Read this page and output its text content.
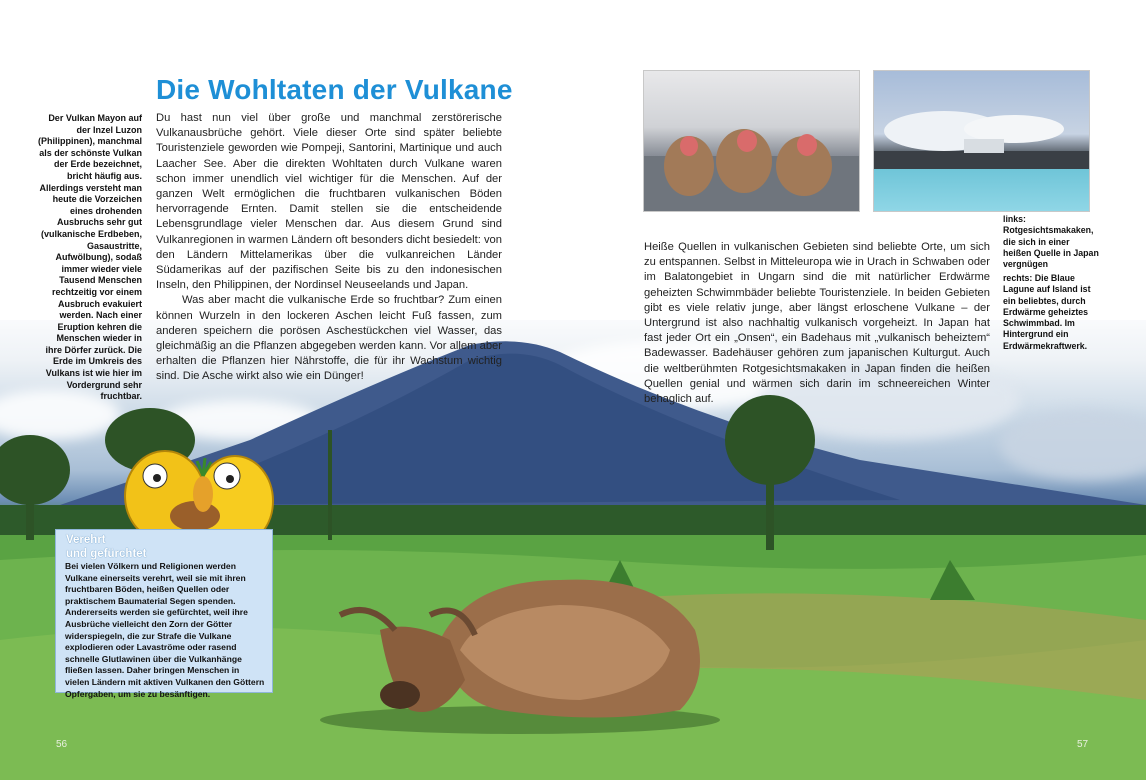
Die Wohltaten der Vulkane

Du hast nun viel über große und manchmal zerstörerische Vulkanausbrüche gehört. Viele dieser Orte sind später beliebte Touristenziele geworden wie Pompeji, Santorini, Martinique und auch Laacher See. Aber die direkten Wohltaten durch Vulkane waren schon immer unendlich viel wichtiger für die Menschen. Auf der ganzen Welt ermöglichen die fruchtbaren vulkanischen Böden hervorragende Ernten. Damit stellen sie die entscheidende Lebensgrundlage vieler Menschen dar. Aus diesem Grund sind Vulkanregionen in warmen Ländern oft besonders dicht besiedelt: von den Ländern Mittelamerikas über die vulkanreichen Länder Südamerikas auf der pazifischen Seite bis zu den indonesischen Inseln, den Philippinen, der Nordinsel Neuseelands und Japan.

Was aber macht die vulkanische Erde so fruchtbar? Zum einen können Wurzeln in den lockeren Aschen leicht Fuß fassen, zum anderen speichern die porösen Aschestückchen viel Wasser, das gleichmäßig an die Pflanzen abgegeben werden kann. Vor allem aber erhalten die Pflanzen hier Nährstoffe, die für ihr Wachstum wichtig sind. Die Asche wirkt also wie ein Dünger!

Der Vulkan Mayon auf der Inzel Luzon (Philippinen), manchmal als der schönste Vulkan der Erde bezeichnet, bricht häufig aus. Allerdings versteht man heute die Vorzeichen eines drohenden Ausbruchs sehr gut (vulkanische Erdbeben, Gasaustritte, Aufwölbung), sodaß immer wieder viele Tausend Menschen rechtzeitig vor einem Ausbruch evakuiert werden. Nach einer Eruption kehren die Menschen wieder in ihre Dörfer zurück. Die Erde im Umkreis des Vulkans ist wie hier im Vordergrund sehr fruchtbar.

links: Rotgesichtsmakaken, die sich in einer heißen Quelle in Japan vergnügen

rechts: Die Blaue Lagune auf Island ist ein beliebtes, durch Erdwärme geheiztes Schwimmbad. Im Hintergrund ein Erdwärmekraftwerk.

Heiße Quellen in vulkanischen Gebieten sind beliebte Orte, um sich zu entspannen. Selbst in Mitteleuropa wie in Urach in Schwaben oder im Balatongebiet in Ungarn sind die mit natürlicher Erdwärme geheizten Schwimmbäder beliebte Touristenziele. In beiden Gebieten gibt es viele relativ junge, aber längst erloschene Vulkane – der Untergrund ist also nachhaltig vulkanisch vorgeheizt. In Japan hat fast jeder Ort ein „Onsen“, ein Badehaus mit „vulkanisch beheiztem“ Badewasser. Badehäuser gehören zum japanischen Kulturgut. Auch die weltberühmten Rotgesichtsmakaken in Japan finden die heißen Quellen genial und wärmen sich darin im schneereichen Winter behaglich auf.

Verehrt
und gefürchtet

Bei vielen Völkern und Religionen werden Vulkane einerseits verehrt, weil sie mit ihren fruchtbaren Böden, heißen Quellen oder praktischem Baumaterial Segen spenden. Andererseits werden sie gefürchtet, weil ihre Ausbrüche vielleicht den Zorn der Götter widerspiegeln, die zur Strafe die Vulkane explodieren oder Lavaströme oder rasend schnelle Glutlawinen über die Vulkanhänge fließen lassen. Daher bringen Menschen in vielen Ländern mit aktiven Vulkanen den Göttern Opfergaben, um sie zu besänftigen.

56	57
